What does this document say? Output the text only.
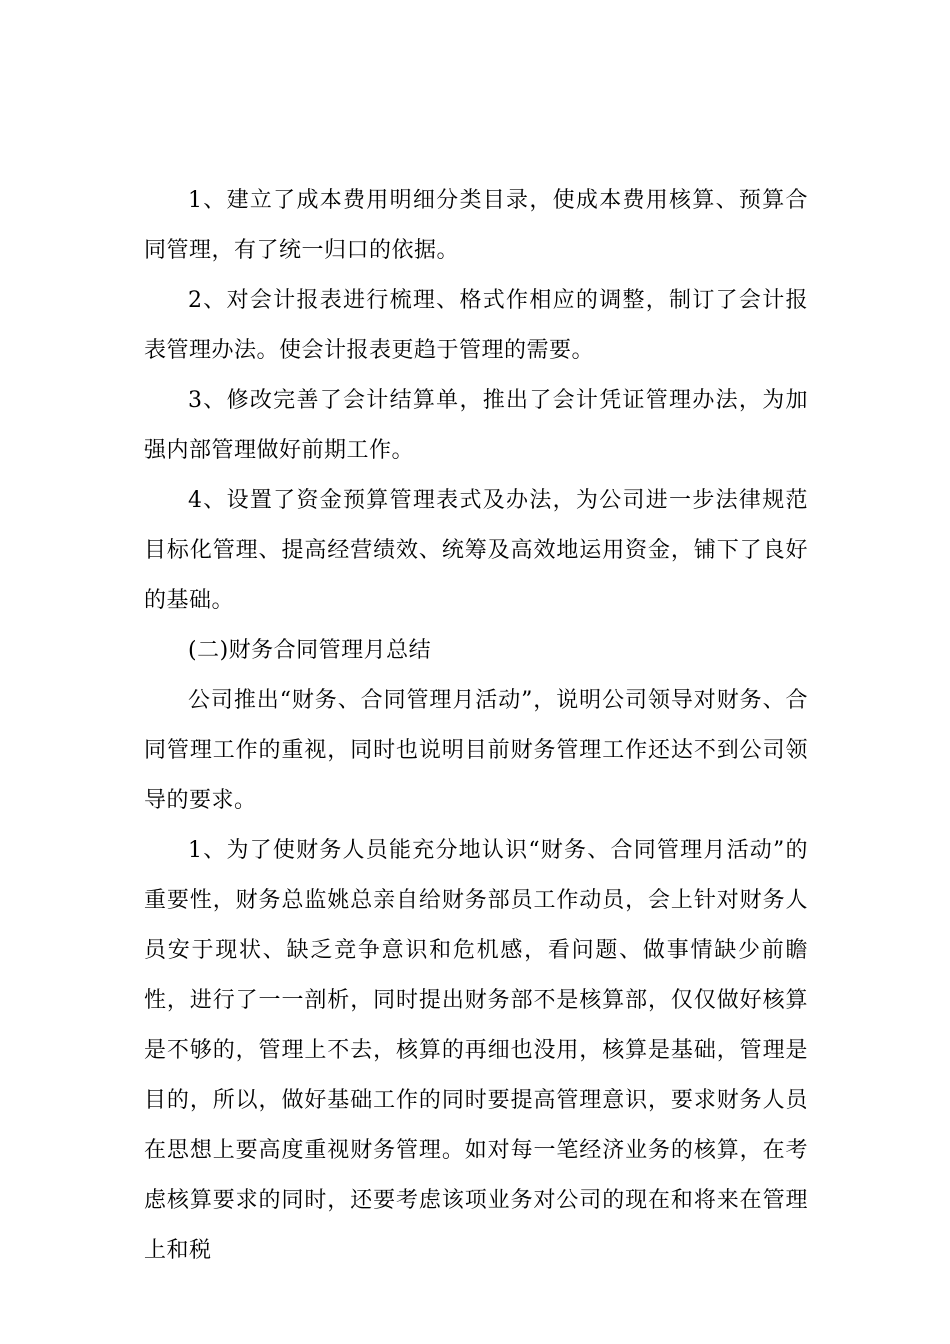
1、建立了成本费用明细分类目录，使成本费用核算、预算合同管理，有了统一归口的依据。

2、对会计报表进行梳理、格式作相应的调整，制订了会计报表管理办法。使会计报表更趋于管理的需要。

3、修改完善了会计结算单，推出了会计凭证管理办法，为加强内部管理做好前期工作。

4、设置了资金预算管理表式及办法，为公司进一步法律规范目标化管理、提高经营绩效、统筹及高效地运用资金，铺下了良好的基础。

(二)财务合同管理月总结

公司推出“财务、合同管理月活动”，说明公司领导对财务、合同管理工作的重视，同时也说明目前财务管理工作还达不到公司领导的要求。

1、为了使财务人员能充分地认识“财务、合同管理月活动”的重要性，财务总监姚总亲自给财务部员工作动员，会上针对财务人员安于现状、缺乏竞争意识和危机感，看问题、做事情缺少前瞻性，进行了一一剖析，同时提出财务部不是核算部，仅仅做好核算是不够的，管理上不去，核算的再细也没用，核算是基础，管理是目的，所以，做好基础工作的同时要提高管理意识，要求财务人员在思想上要高度重视财务管理。如对每一笔经济业务的核算，在考虑核算要求的同时，还要考虑该项业务对公司的现在和将来在管理上和税
